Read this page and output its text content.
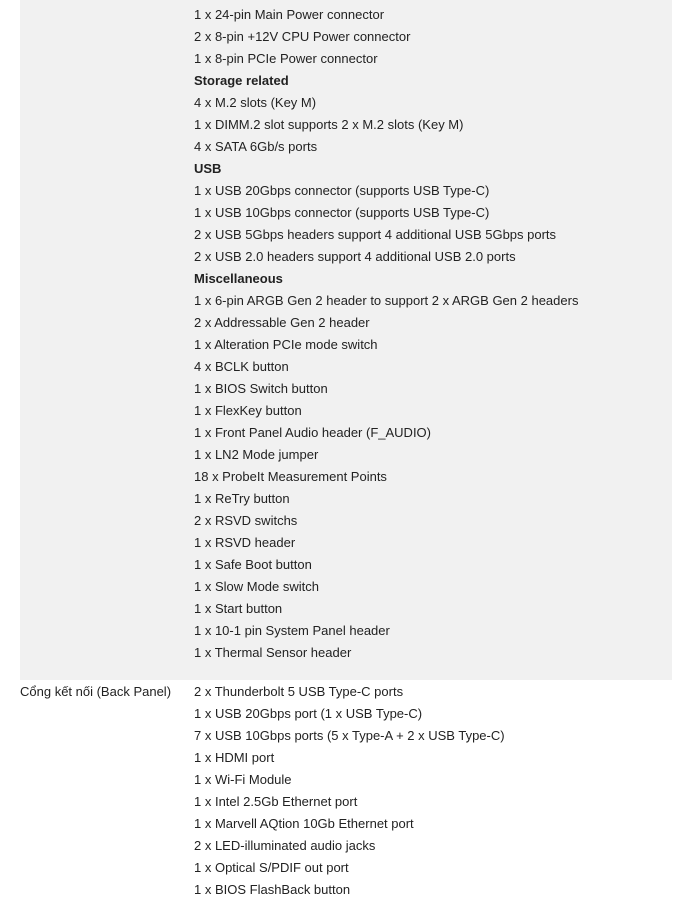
1 x 24-pin Main Power connector
2 x 8-pin +12V CPU Power connector
1 x 8-pin PCIe Power connector
Storage related
4 x M.2 slots (Key M)
1 x DIMM.2 slot supports 2 x M.2 slots (Key M)
4 x SATA 6Gb/s ports
USB
1 x USB 20Gbps connector (supports USB Type-C)
1 x USB 10Gbps connector (supports USB Type-C)
2 x USB 5Gbps headers support 4 additional USB 5Gbps ports
2 x USB 2.0 headers support 4 additional USB 2.0 ports
Miscellaneous
1 x 6-pin ARGB Gen 2 header to support 2 x ARGB Gen 2 headers
2 x Addressable Gen 2 header
1 x Alteration PCIe mode switch
4 x BCLK button
1 x BIOS Switch button
1 x FlexKey button
1 x Front Panel Audio header (F_AUDIO)
1 x LN2 Mode jumper
18 x ProbeIt Measurement Points
1 x ReTry button
2 x RSVD switchs
1 x RSVD header
1 x Safe Boot button
1 x Slow Mode switch
1 x Start button
1 x 10-1 pin System Panel header
1 x Thermal Sensor header
Cổng kết nối (Back Panel)	2 x Thunderbolt 5 USB Type-C ports
1 x USB 20Gbps port (1 x USB Type-C)
7 x USB 10Gbps ports (5 x Type-A + 2 x USB Type-C)
1 x HDMI port
1 x Wi-Fi Module
1 x Intel 2.5Gb Ethernet port
1 x Marvell AQtion 10Gb Ethernet port
2 x LED-illuminated audio jacks
1 x Optical S/PDIF out port
1 x BIOS FlashBack button
